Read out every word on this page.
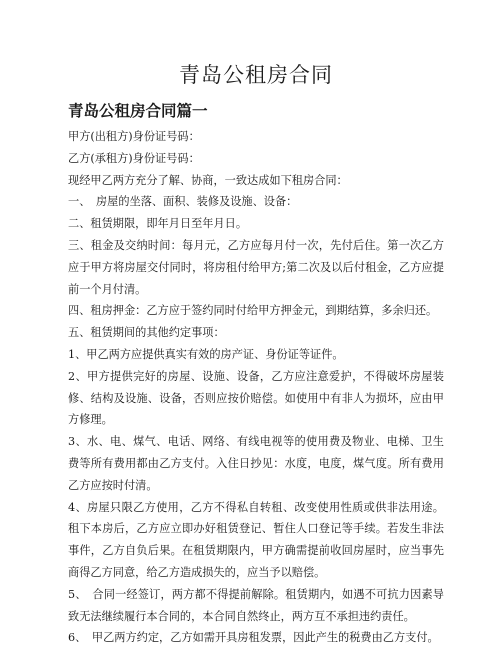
青岛公租房合同
青岛公租房合同篇一

甲方(出租方)身份证号码：

乙方(承租方)身份证号码：

现经甲乙两方充分了解、协商，一致达成如下租房合同：

一、　房屋的坐落、面积、装修及设施、设备：

二、租赁期限，即年月日至年月日。

三、租金及交纳时间：每月元，乙方应每月付一次，先付后住。第一次乙方应于甲方将房屋交付同时，将房租付给甲方;第二次及以后付租金，乙方应提前一个月付清。

四、租房押金：乙方应于签约同时付给甲方押金元，到期结算，多余归还。

五、租赁期间的其他约定事项：

1、甲乙两方应提供真实有效的房产证、身份证等证件。

2、甲方提供完好的房屋、设施、设备，乙方应注意爱护，不得破坏房屋装修、结构及设施、设备，否则应按价赔偿。如使用中有非人为损坏，应由甲方修理。

3、水、电、煤气、电话、网络、有线电视等的使用费及物业、电梯、卫生费等所有费用都由乙方支付。入住日抄见：水度，电度，煤气度。所有费用乙方应按时付清。

4、房屋只限乙方使用，乙方不得私自转租、改变使用性质或供非法用途。租下本房后，乙方应立即办好租赁登记、暂住人口登记等手续。若发生非法事件，乙方自负后果。在租赁期限内，甲方确需提前收回房屋时，应当事先商得乙方同意，给乙方造成损失的，应当予以赔偿。

5、　合同一经签订，两方都不得提前解除。租赁期内，如遇不可抗力因素导致无法继续履行本合同的，本合同自然终止，两方互不承担违约责任。

6、　甲乙两方约定，乙方如需开具房租发票，因此产生的税费由乙方支付。
